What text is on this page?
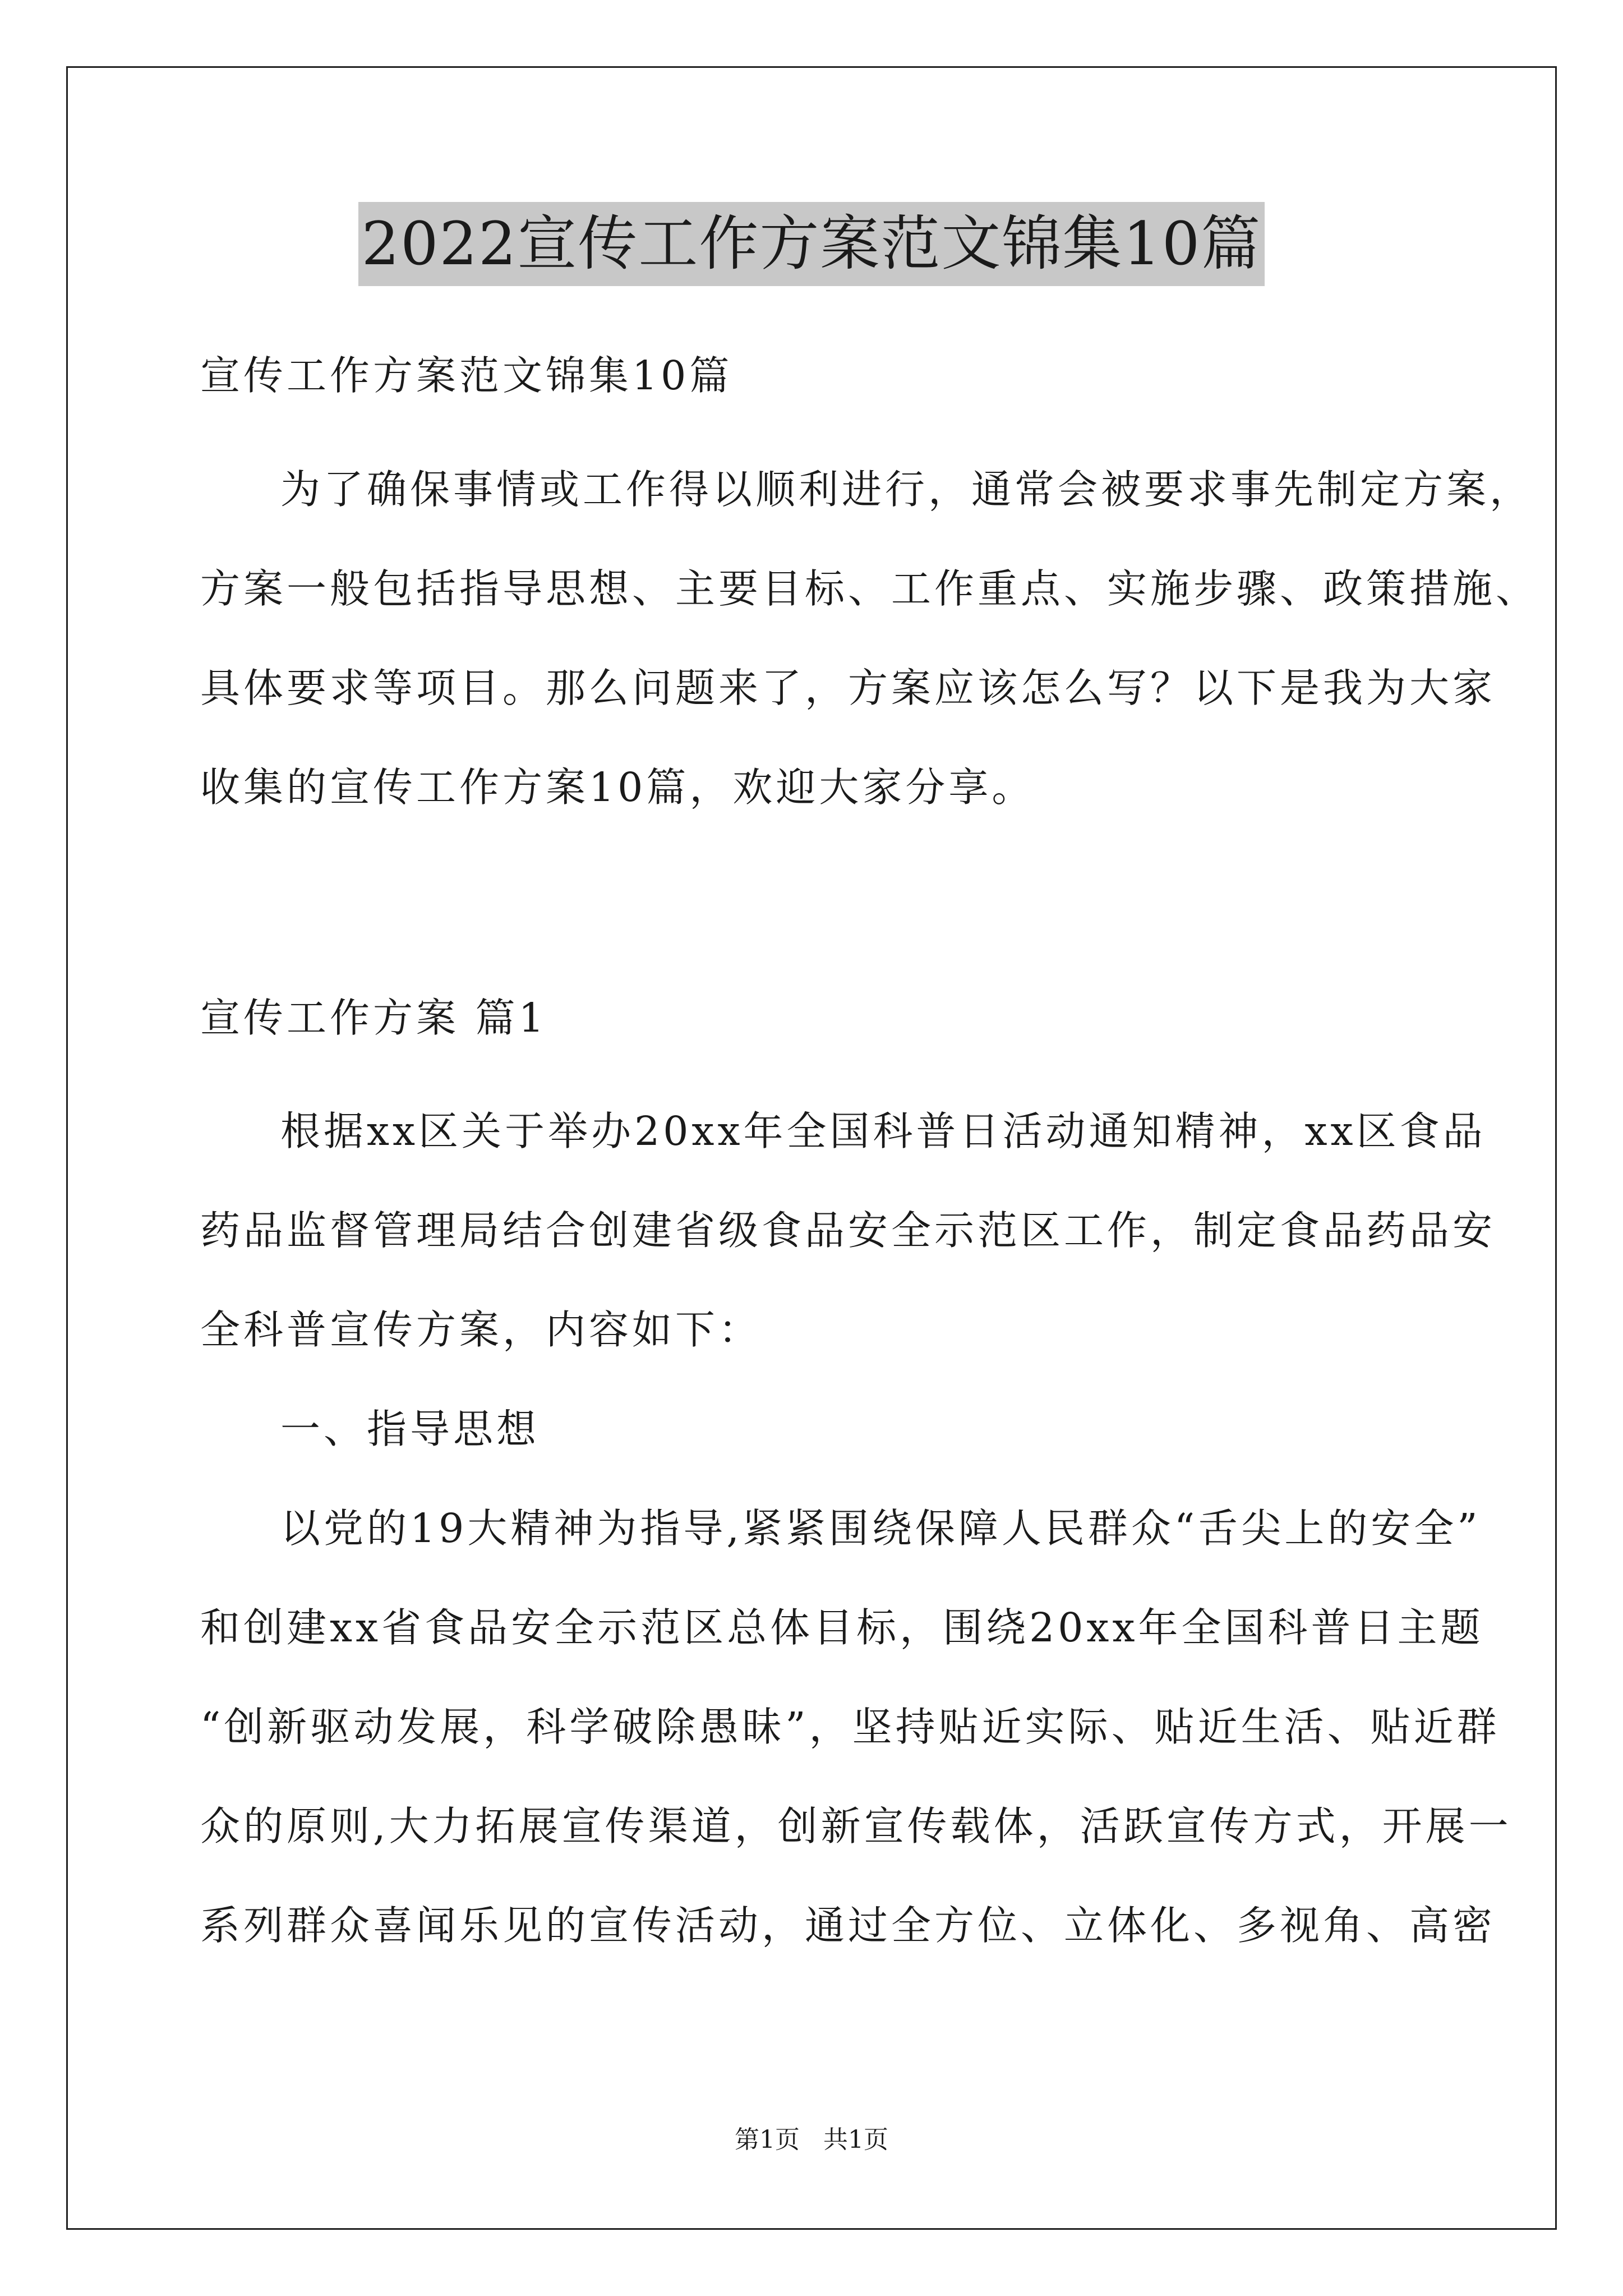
2022宣传工作方案范文锦集10篇
宣传工作方案范文锦集10篇
为了确保事情或工作得以顺利进行，通常会被要求事先制定方案，
方案一般包括指导思想、主要目标、工作重点、实施步骤、政策措施、
具体要求等项目。那么问题来了，方案应该怎么写？以下是我为大家
收集的宣传工作方案10篇，欢迎大家分享。
宣传工作方案 篇1
根据xx区关于举办20xx年全国科普日活动通知精神，xx区食品
药品监督管理局结合创建省级食品安全示范区工作，制定食品药品安
全科普宣传方案，内容如下：
一、指导思想
以党的19大精神为指导,紧紧围绕保障人民群众“舌尖上的安全”
和创建xx省食品安全示范区总体目标，围绕20xx年全国科普日主题
“创新驱动发展，科学破除愚昧”，坚持贴近实际、贴近生活、贴近群
众的原则,大力拓展宣传渠道，创新宣传载体，活跃宣传方式，开展一
系列群众喜闻乐见的宣传活动，通过全方位、立体化、多视角、高密
第1页   共1页
